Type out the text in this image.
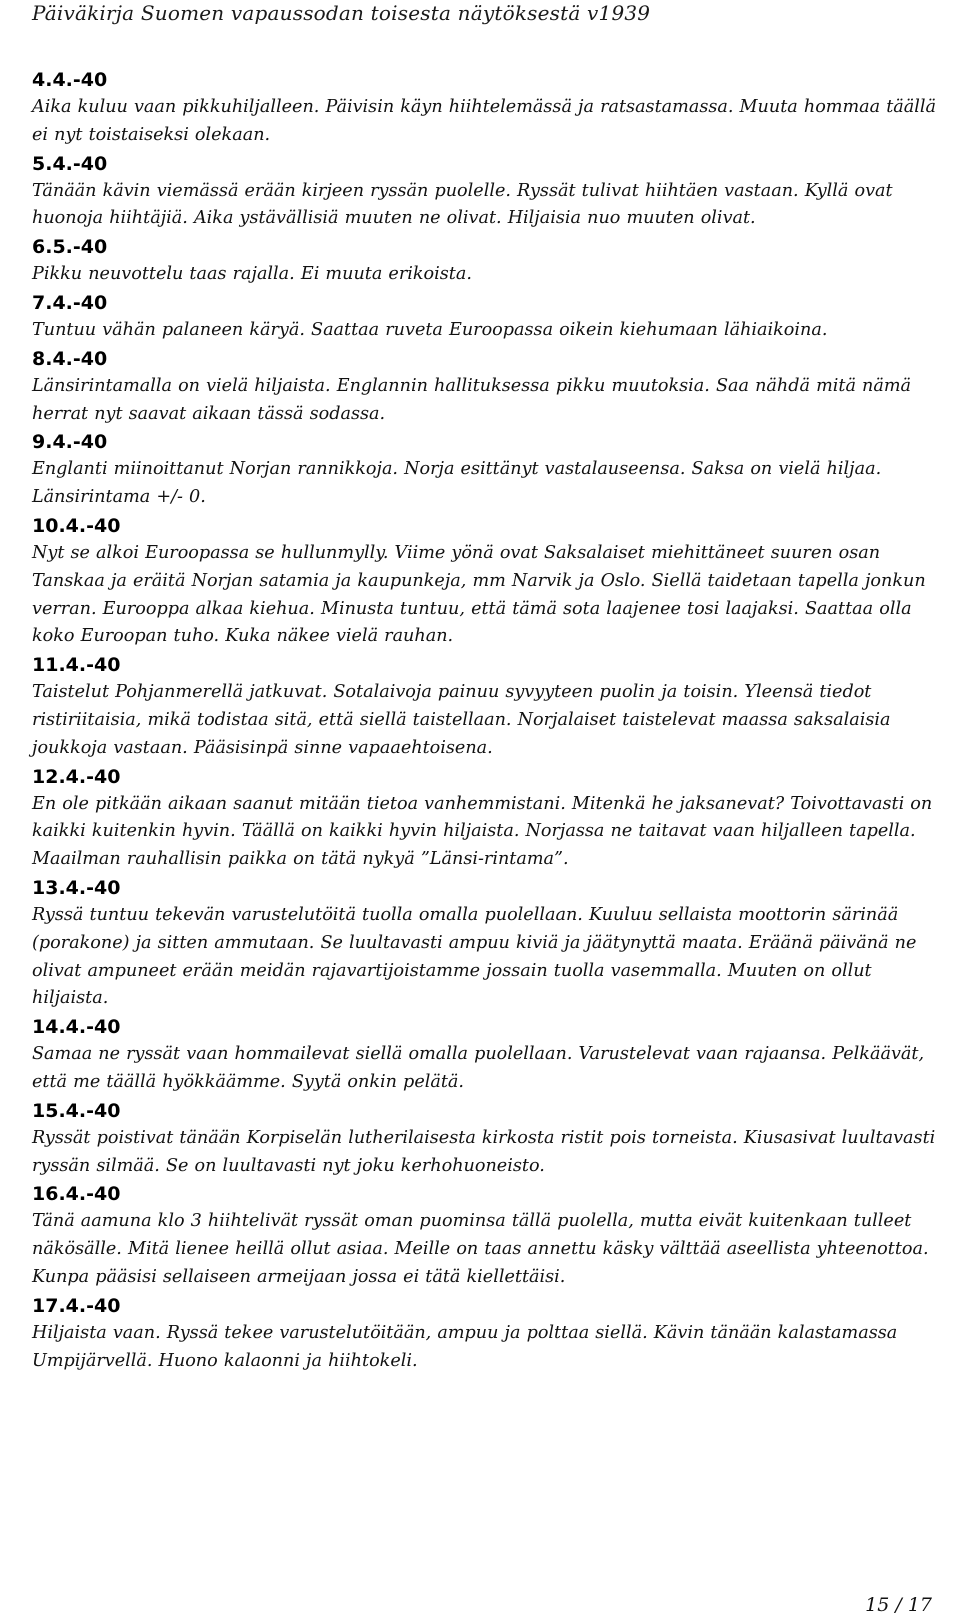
Päiväkirja Suomen vapaussodan toisesta näytöksestä v1939

4.4.-40

Aika kuluu vaan pikkuhiljalleen. Päivisin käyn hiihtelemässä ja ratsastamassa. Muuta hommaa täällä ei nyt toistaiseksi olekaan.

5.4.-40

Tänään kävin viemässä erään kirjeen ryssän puolelle. Ryssät tulivat hiihtäen vastaan. Kyllä ovat huonoja hiihtäjiä. Aika ystävällisiä muuten ne olivat. Hiljaisia nuo muuten olivat.

6.5.-40

Pikku neuvottelu taas rajalla. Ei muuta erikoista.

7.4.-40

Tuntuu vähän palaneen käryä. Saattaa ruveta Euroopassa oikein kiehumaan lähiaikoina.

8.4.-40

Länsirintamalla on vielä hiljaista. Englannin hallituksessa pikku muutoksia. Saa nähdä mitä nämä herrat nyt saavat aikaan tässä sodassa.

9.4.-40

Englanti miinoittanut Norjan rannikkoja. Norja esittänyt vastalauseensa. Saksa on vielä hiljaa. Länsirintama +/- 0.

10.4.-40

Nyt se alkoi Euroopassa se hullunmylly. Viime yönä ovat Saksalaiset miehittäneet suuren osan Tanskaa ja eräitä Norjan satamia ja kaupunkeja, mm Narvik ja Oslo. Siellä taidetaan tapella jonkun verran. Eurooppa alkaa kiehua. Minusta tuntuu, että tämä sota laajenee tosi laajaksi. Saattaa olla koko Euroopan tuho. Kuka näkee vielä rauhan.

11.4.-40

Taistelut Pohjanmerellä jatkuvat. Sotalaivoja painuu syvyyteen puolin ja toisin. Yleensä tiedot ristiriitaisia, mikä todistaa sitä, että siellä taistellaan. Norjalaiset taistelevat maassa saksalaisia joukkoja vastaan. Pääsisinpä sinne vapaaehtoisena.

12.4.-40

En ole pitkään aikaan saanut mitään tietoa vanhemmistani. Mitenkä he jaksanevat? Toivottavasti on kaikki kuitenkin hyvin. Täällä on kaikki hyvin hiljaista. Norjassa ne taitavat vaan hiljalleen tapella. Maailman rauhallisin paikka on tätä nykyä ”Länsi-rintama”.

13.4.-40

Ryssä tuntuu tekevän varustelutöitä tuolla omalla puolellaan. Kuuluu sellaista moottorin särinää (porakone) ja sitten ammutaan. Se luultavasti ampuu kiviä ja jäätynyttä maata. Eräänä päivänä ne olivat ampuneet erään meidän rajavartijoistamme jossain tuolla vasemmalla. Muuten on ollut hiljaista.

14.4.-40

Samaa ne ryssät vaan hommailevat siellä omalla puolellaan. Varustelevat vaan rajaansa. Pelkäävät, että me täällä hyökkäämme. Syytä onkin pelätä.

15.4.-40

Ryssät poistivat tänään Korpiselän lutherilaisesta kirkosta ristit pois torneista. Kiusasivat luultavasti ryssän silmää. Se on luultavasti nyt joku kerhohuoneisto.

16.4.-40

Tänä aamuna klo 3 hiihtelivät ryssät oman puominsa tällä puolella, mutta eivät kuitenkaan tulleet näkösälle. Mitä lienee heillä ollut asiaa. Meille on taas annettu käsky välttää aseellista yhteenottoa. Kunpa pääsisi sellaiseen armeijaan jossa ei tätä kiellettäisi.

17.4.-40

Hiljaista vaan. Ryssä tekee varustelutöitään, ampuu ja polttaa siellä. Kävin tänään kalastamassa Umpijärvellä. Huono kalaonni ja hiihtokeli.

15 / 17
